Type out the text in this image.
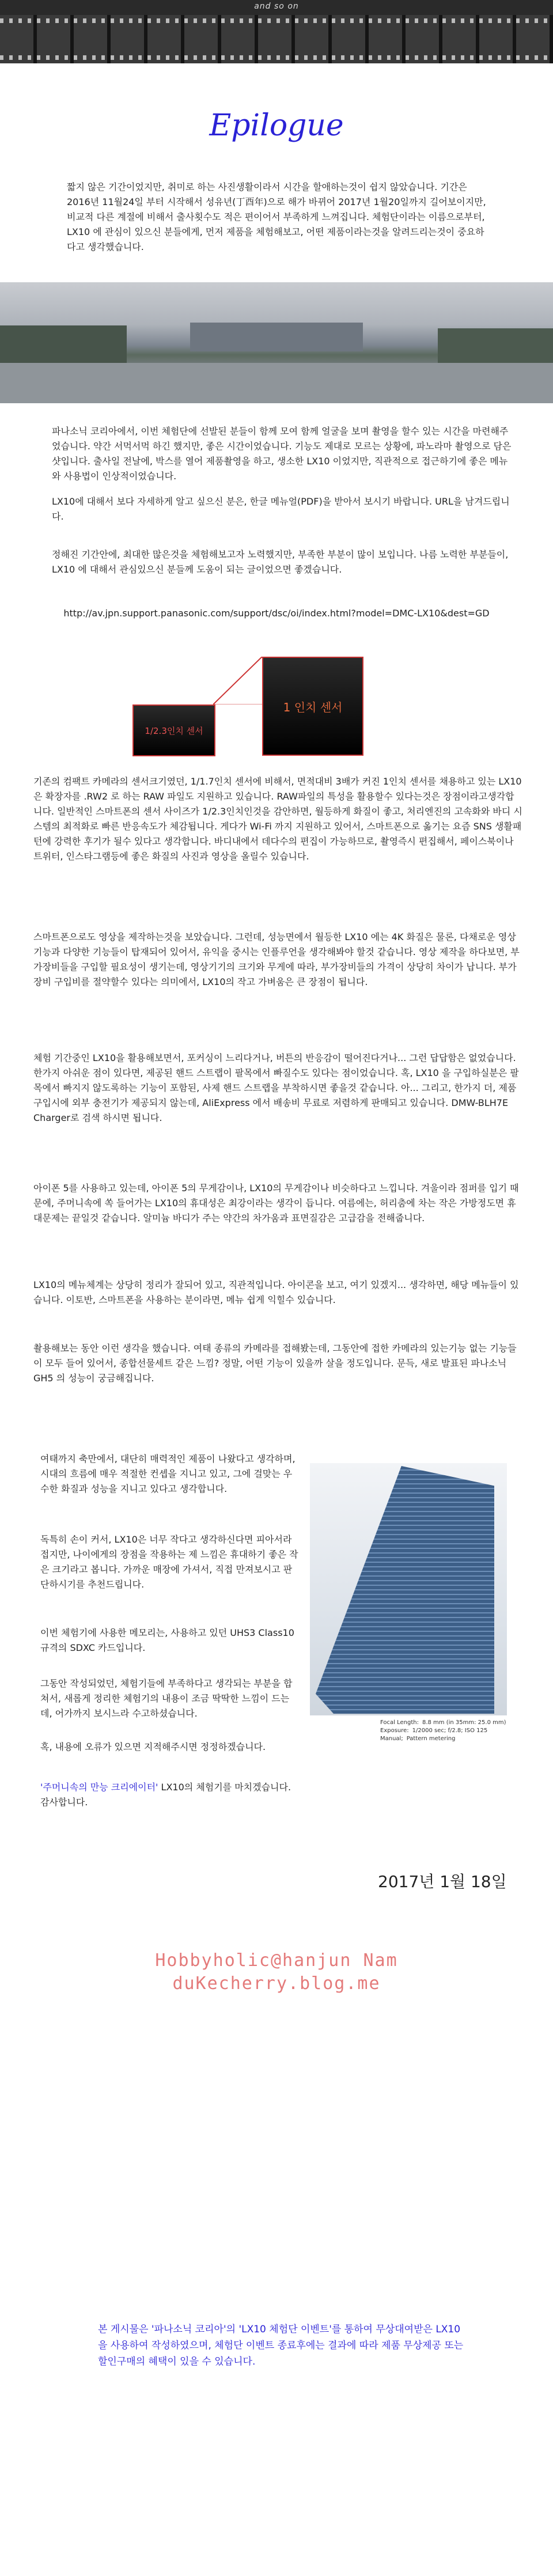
and so on
Epilogue
짧지 않은 기간이었지만, 취미로 하는 사진생활이라서 시간을 할애하는것이 쉽지 않았습니다. 기간은 2016년 11월24일 부터 시작해서 성유년(丁酉年)으로 해가 바뀌어 2017년 1월20일까지 길어보이지만, 비교적 다른 계절에 비해서 출사횟수도 적은 편이어서 부족하게 느껴집니다. 체험단이라는 이름으로부터, LX10 에 관심이 있으신 분들에게, 먼저 제품을 체험해보고, 어떤 제품이라는것을 알려드리는것이 중요하다고 생각했습니다.
파나소닉 코리아에서, 이번 체험단에 선발된 분들이 함께 모여 함께 얼굴을 보며 촬영을 할수 있는 시간을 마련해주었습니다. 약간 서먹서먹 하긴 했지만, 좋은 시간이었습니다. 기능도 제대로 모르는 상황에, 파노라마 촬영으로 담은 샷입니다. 출사일 전날에, 박스를 열어 제품촬영을 하고, 생소한 LX10 이었지만, 직관적으로 접근하기에 좋은 메뉴와 사용법이 인상적이었습니다.
LX10에 대해서 보다 자세하게 알고 싶으신 분은, 한글 메뉴얼(PDF)을 받아서 보시기 바랍니다. URL을 남겨드립니다.
http://av.jpn.support.panasonic.com/support/dsc/oi/index.html?model=DMC-LX10&dest=GD
정해진 기간안에, 최대한 많은것을 체험해보고자 노력했지만, 부족한 부분이 많이 보입니다. 나름 노력한 부분들이, LX10 에 대해서 관심있으신 분들께 도움이 되는 글이었으면 좋겠습니다.
1/2.3인치 센서
1 인치 센서
기존의 컴팩트 카메라의 센서크기였던, 1/1.7인치 센서에 비해서, 면적대비 3배가 커진 1인치 센서를 채용하고 있는 LX10은 확장자를 .RW2 로 하는 RAW 파일도 지원하고 있습니다. RAW파일의 특성을 활용할수 있다는것은 장점이라고생각합니다. 일반적인 스마트폰의 센서 사이즈가 1/2.3인치인것을 감안하면, 월등하게 화질이 좋고, 처리엔진의 고속화와 바디 시스템의 최적화로 빠른 반응속도가 체감됩니다. 게다가 Wi-Fi 까지 지원하고 있어서, 스마트폰으로 옮기는 요즘 SNS 생활패턴에 강력한 후기가 될수 있다고 생각합니다. 바디내에서 데다수의 편집이 가능하므로, 촬영즉시 편집해서, 페이스북이나 트위터, 인스타그램등에 좋은 화질의 사진과 영상을 올릴수 있습니다.
스마트폰으로도 영상을 제작하는것을 보았습니다. 그런데, 성능면에서 월등한 LX10 에는 4K 화질은 물론, 다채로운 영상 기능과 다양한 기능들이 탑재되어 있어서, 유익을 중시는 인플루언을 생각해봐야 할것 같습니다. 영상 제작을 하다보면, 부가장비들을 구입할 필요성이 생기는데, 영상기기의 크기와 무게에 따라, 부가장비들의 가격이 상당히 차이가 납니다. 부가장비 구입비를 절약할수 있다는 의미에서, LX10의 작고 가벼움은 큰 장점이 됩니다.
체험 기간중인 LX10을 활용해보면서, 포커싱이 느리다거나, 버튼의 반응감이 떨어진다거나... 그런 답답함은 없었습니다. 한가지 아쉬운 점이 있다면, 제공된 핸드 스트랩이 팔목에서 빠질수도 있다는 점이었습니다. 혹, LX10 을 구입하실분은 팔목에서 빠지지 않도록하는 기능이 포함된, 사제 핸드 스트랩을 부착하시면 좋을것 같습니다. 아... 그리고, 한가지 더, 제품 구입시에 외부 충전기가 제공되지 않는데, AliExpress 에서 배송비 무료로 저렴하게 판매되고 있습니다. DMW-BLH7E Charger로 검색 하시면 됩니다.
아이폰 5를 사용하고 있는데, 아이폰 5의 무게감이나, LX10의 무게감이나 비슷하다고 느낍니다. 겨울이라 점퍼를 입기 때문에, 주머니속에 쏙 들어가는 LX10의 휴대성은 최강이라는 생각이 듭니다. 여름에는, 허리춤에 차는 작은 가방정도면 휴대문제는 끝일것 같습니다. 알미늄 바디가 주는 약간의 차가움과 표면질감은 고급감을 전해줍니다.
LX10의 메뉴체계는 상당히 정리가 잘되어 있고, 직관적입니다. 아이콘을 보고, 여기 있겠지... 생각하면, 해당 메뉴들이 있습니다. 이토반, 스마트폰을 사용하는 분이라면, 메뉴 쉽게 익힐수 있습니다.
촬용해보는 동안 이런 생각을 했습니다. 여태 종류의 카메라를 접해봤는데, 그동안에 접한 카메라의 있는기능 없는 기능들이 모두 들어 있어서, 종합선물세트 같은 느낌? 정말, 어떤 기능이 있을까 살을 정도입니다. 문득, 새로 발표된 파나소닉 GH5 의 성능이 궁금해집니다.
Focal Length: 8.8 mm (in 35mm: 25.0 mm)
Exposure: 1/2000 sec; f/2.8; ISO 125
Manual; Pattern metering
여태까지 축만에서, 대단히 매력적인 제품이 나왔다고 생각하며, 시대의 흐름에 매우 적절한 컨셉을 지니고 있고, 그에 걸맞는 우수한 화질과 성능을 지니고 있다고 생각합니다.
독특히 손이 커서, LX10은 너무 작다고 생각하신다면 피아서라 접지만, 나이에게의 장점을 작용하는 제 느낌은 휴대하기 좋은 작은 크기라고 봅니다. 가까운 매장에 가셔서, 직접 만져보시고 판단하시기를 추천드립니다.
이번 체험기에 사용한 메모리는, 사용하고 있던 UHS3 Class10 규격의 SDXC 카드입니다.
그동안 작성되었던, 체험기들에 부족하다고 생각되는 부분을 합쳐서, 새롭게 정리한 체험기의 내용이 조금 딱딱한 느낌이 드는데, 어가까지 보시느라 수고하셨습니다.
혹, 내용에 오류가 있으면 지적해주시면 정정하겠습니다.
'주머니속의 만능 크리에이터' LX10의 체험기를 마치겠습니다. 감사합니다.
2017년 1월 18일
Hobbyholic@hanjun Nam
duKecherry.blog.me
본 게시물은 '파나소닉 코리아'의 'LX10 체험단 이벤트'를 통하여 무상대여받은 LX10을 사용하여 작성하였으며, 체험단 이벤트 종료후에는 결과에 따라 제품 무상제공 또는 할인구매의 혜택이 있을 수 있습니다.
